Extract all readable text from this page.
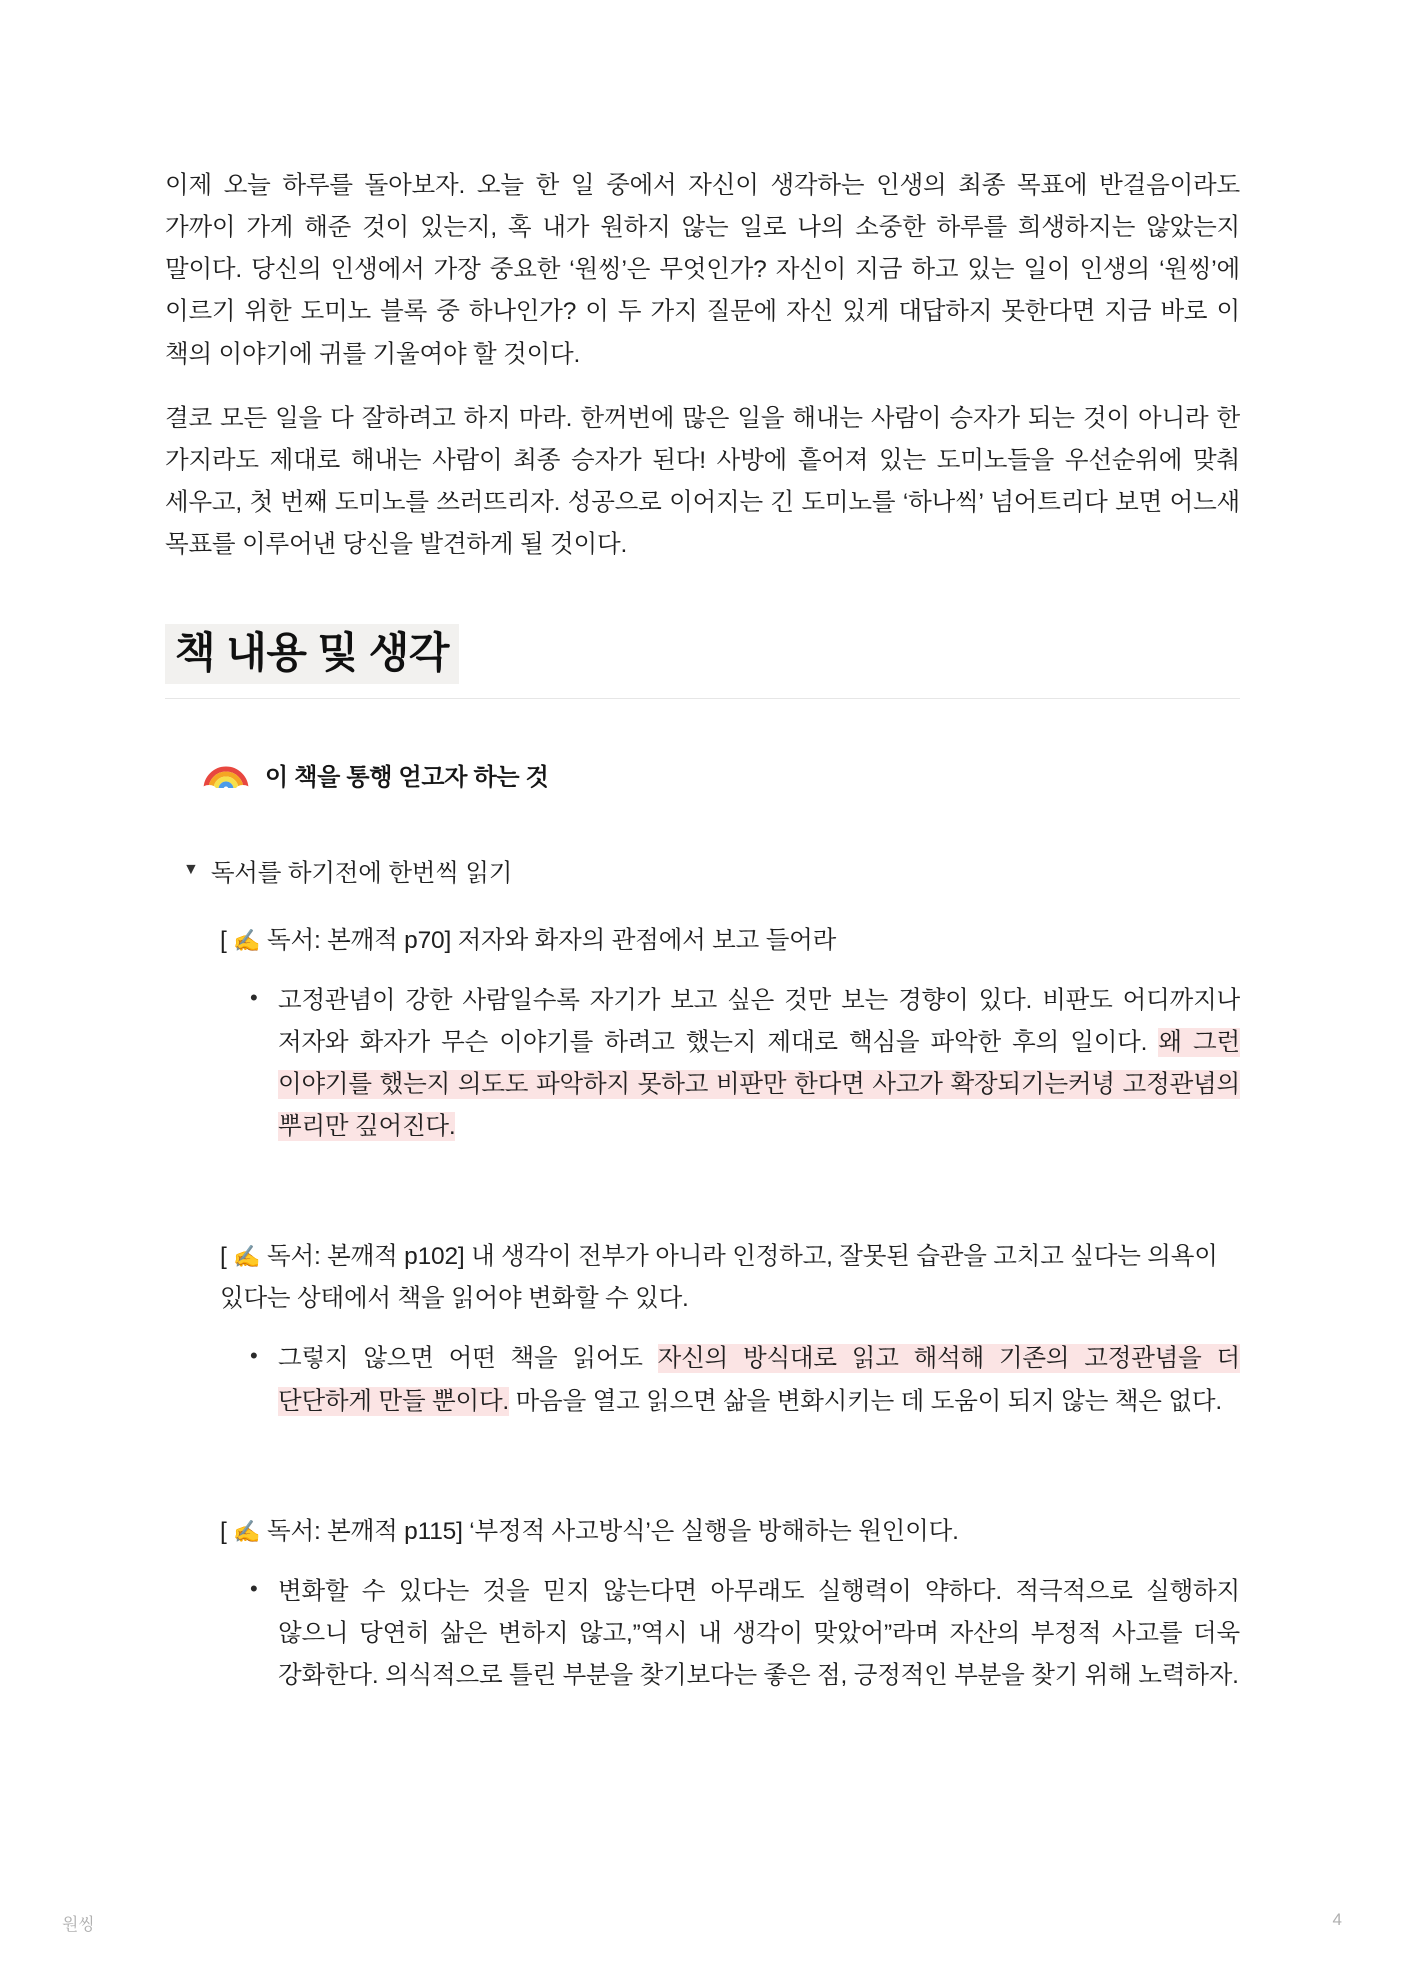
이제 오늘 하루를 돌아보자. 오늘 한 일 중에서 자신이 생각하는 인생의 최종 목표에 반걸음이라도 가까이 가게 해준 것이 있는지, 혹 내가 원하지 않는 일로 나의 소중한 하루를 희생하지는 않았는지 말이다. 당신의 인생에서 가장 중요한 ‘원씽’은 무엇인가? 자신이 지금 하고 있는 일이 인생의 ‘원씽’에 이르기 위한 도미노 블록 중 하나인가? 이 두 가지 질문에 자신 있게 대답하지 못한다면 지금 바로 이 책의 이야기에 귀를 기울여야 할 것이다.

결코 모든 일을 다 잘하려고 하지 마라. 한꺼번에 많은 일을 해내는 사람이 승자가 되는 것이 아니라 한 가지라도 제대로 해내는 사람이 최종 승자가 된다! 사방에 흩어져 있는 도미노들을 우선순위에 맞춰 세우고, 첫 번째 도미노를 쓰러뜨리자. 성공으로 이어지는 긴 도미노를 ‘하나씩’ 넘어트리다 보면 어느새 목표를 이루어낸 당신을 발견하게 될 것이다.

책 내용 및 생각
이 책을 통행 얻고자 하는 것
▼ 독서를 하기전에 한번씩 읽기
[ ✍ 독서: 본깨적 p70] 저자와 화자의 관점에서 보고 들어라
• 고정관념이 강한 사람일수록 자기가 보고 싶은 것만 보는 경향이 있다. 비판도 어디까지나 저자와 화자가 무슨 이야기를 하려고 했는지 제대로 핵심을 파악한 후의 일이다. 왜 그런 이야기를 했는지 의도도 파악하지 못하고 비판만 한다면 사고가 확장되기는커녕 고정관념의 뿌리만 깊어진다.
[ ✍ 독서: 본깨적 p102] 내 생각이 전부가 아니라 인정하고, 잘못된 습관을 고치고 싶다는 의욕이 있다는 상태에서 책을 읽어야 변화할 수 있다.
• 그렇지 않으면 어떤 책을 읽어도 자신의 방식대로 읽고 해석해 기존의 고정관념을 더 단단하게 만들 뿐이다. 마음을 열고 읽으면 삶을 변화시키는 데 도움이 되지 않는 책은 없다.
[ ✍ 독서: 본깨적 p115] ‘부정적 사고방식’은 실행을 방해하는 원인이다.
• 변화할 수 있다는 것을 믿지 않는다면 아무래도 실행력이 약하다. 적극적으로 실행하지 않으니 당연히 삶은 변하지 않고,”역시 내 생각이 맞았어”라며 자산의 부정적 사고를 더욱 강화한다. 의식적으로 틀린 부분을 찾기보다는 좋은 점, 긍정적인 부분을 찾기 위해 노력하자.
원씽	4
